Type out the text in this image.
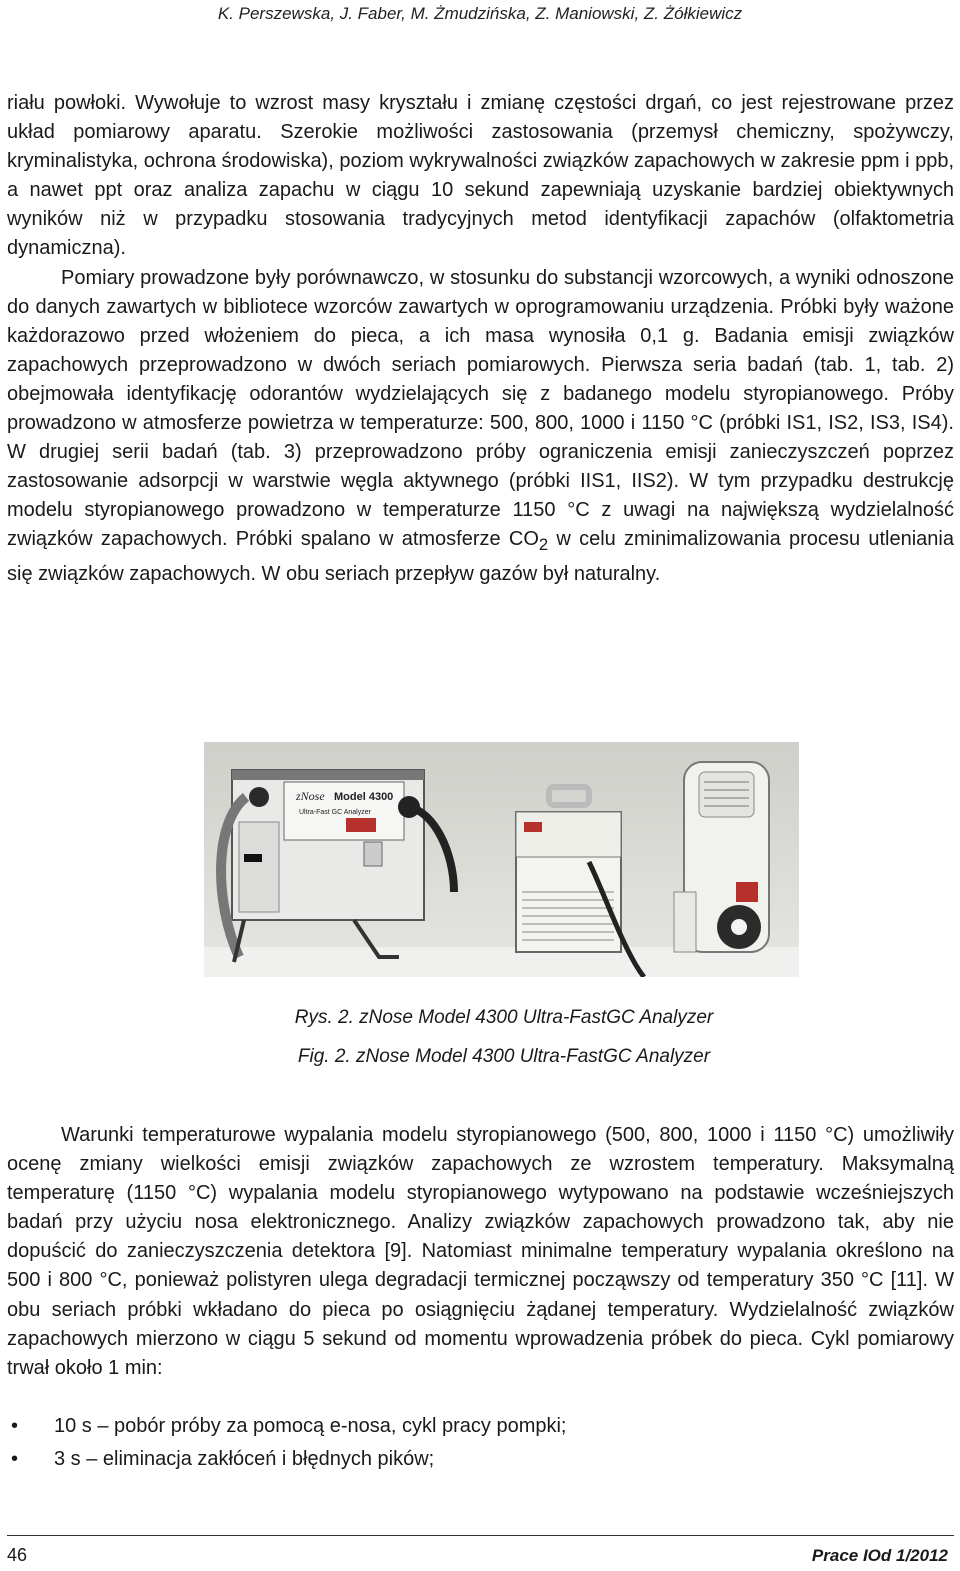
K. Perszewska, J. Faber, M. Żmudzińska, Z. Maniowski, Z. Żółkiewicz

riału powłoki. Wywołuje to wzrost masy kryształu i zmianę częstości drgań, co jest rejestrowane przez układ pomiarowy aparatu. Szerokie możliwości zastosowania (przemysł chemiczny, spożywczy, kryminalistyka, ochrona środowiska), poziom wykrywalności związków zapachowych w zakresie ppm i ppb, a nawet ppt oraz analiza zapachu w ciągu 10 sekund zapewniają uzyskanie bardziej obiektywnych wyników niż w przypadku stosowania tradycyjnych metod identyfikacji zapachów (olfaktometria dynamiczna).

Pomiary prowadzone były porównawczo, w stosunku do substancji wzorcowych, a wyniki odnoszone do danych zawartych w bibliotece wzorców zawartych w oprogramowaniu urządzenia. Próbki były ważone każdorazowo przed włożeniem do pieca, a ich masa wynosiła 0,1 g. Badania emisji związków zapachowych przeprowadzono w dwóch seriach pomiarowych. Pierwsza seria badań (tab. 1, tab. 2) obejmowała identyfikację odorantów wydzielających się z badanego modelu styropianowego. Próby prowadzono w atmosferze powietrza w temperaturze: 500, 800, 1000 i 1150 °C (próbki IS1, IS2, IS3, IS4). W drugiej serii badań (tab. 3) przeprowadzono próby ograniczenia emisji zanieczyszczeń poprzez zastosowanie adsorpcji w warstwie węgla aktywnego (próbki IIS1, IIS2). W tym przypadku destrukcję modelu styropianowego prowadzono w temperaturze 1150 °C z uwagi na największą wydzielalność związków zapachowych. Próbki spalano w atmosferze $CO_2$ w celu zminimalizowania procesu utleniania się związków zapachowych. W obu seriach przepływ gazów był naturalny.

zNose Model 4300
Ultra-Fast GC Analyzer
Rys. 2. zNose Model 4300 Ultra-FastGC Analyzer
Fig. 2. zNose Model 4300 Ultra-FastGC Analyzer

Warunki temperaturowe wypalania modelu styropianowego (500, 800, 1000 i 1150 °C) umożliwiły ocenę zmiany wielkości emisji związków zapachowych ze wzrostem temperatury. Maksymalną temperaturę (1150 °C) wypalania modelu styropianowego wytypowano na podstawie wcześniejszych badań przy użyciu nosa elektronicznego. Analizy związków zapachowych prowadzono tak, aby nie dopuścić do zanieczyszczenia detektora [9]. Natomiast minimalne temperatury wypalania określono na 500 i 800 °C, ponieważ polistyren ulega degradacji termicznej począwszy od temperatury 350 °C [11]. W obu seriach próbki wkładano do pieca po osiągnięciu żądanej temperatury. Wydzielalność związków zapachowych mierzono w ciągu 5 sekund od momentu wprowadzenia próbek do pieca. Cykl pomiarowy trwał około 1 min:

• 10 s – pobór próby za pomocą e-nosa, cykl pracy pompki;
• 3 s – eliminacja zakłóceń i błędnych pików;
46	Prace IOd 1/2012
